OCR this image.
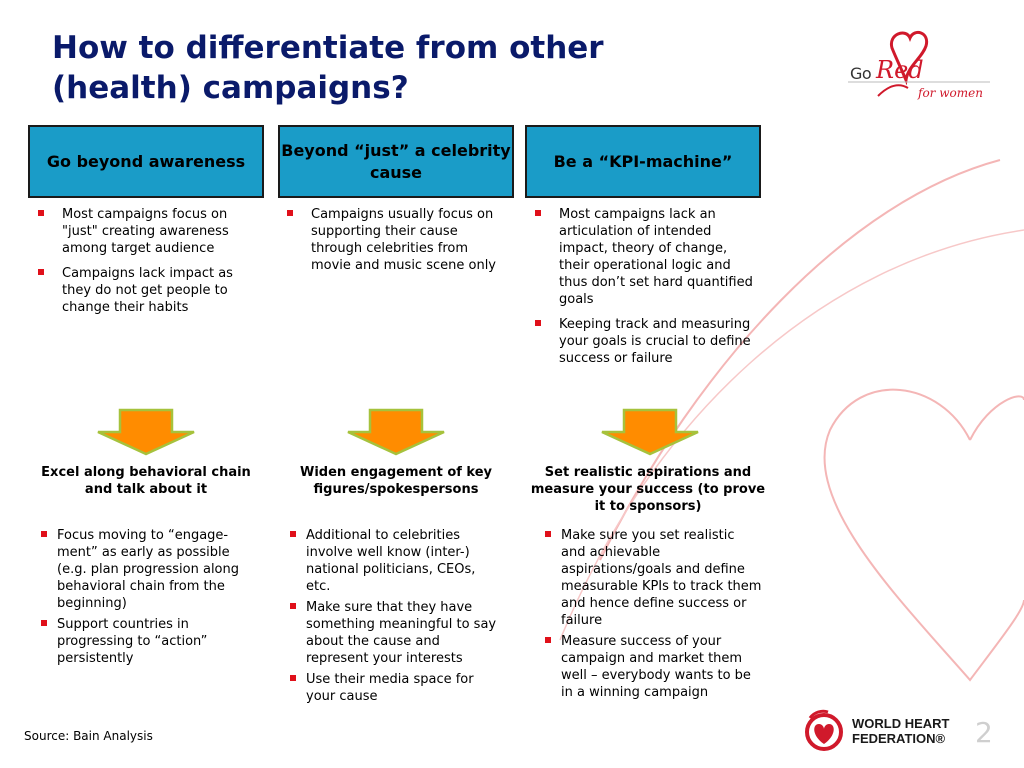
How to differentiate from other
(health) campaigns?	Go Red
for women
Go beyond awareness
Beyond “just” a celebrity cause
Be a “KPI-machine”
Most campaigns focus on "just" creating awareness among target audience
Campaigns lack impact as they do not get people to change their habits
Campaigns usually focus on supporting their cause through celebrities from movie and music scene only
Most campaigns lack an articulation of intended impact, theory of change, their operational logic and thus don’t set hard quantified goals
Keeping track and measuring your goals is crucial to define success or failure
Excel along behavioral chain and talk about it
Widen engagement of key figures/spokespersons
Set realistic aspirations and measure your success (to prove it to sponsors)
Focus moving to “engage-ment” as early as possible (e.g. plan progression along behavioral chain from the beginning)
Support countries in progressing to “action” persistently
Additional to celebrities involve well know (inter-) national politicians, CEOs, etc.
Make sure that they have something meaningful to say about the cause and represent your interests
Use their media space for your cause
Make sure you set realistic and achievable aspirations/goals and define measurable KPIs to track them and hence define success or failure
Measure success of your campaign and market them well – everybody wants to be in a winning campaign
Source: Bain Analysis
WORLD HEART
FEDERATION® 2
